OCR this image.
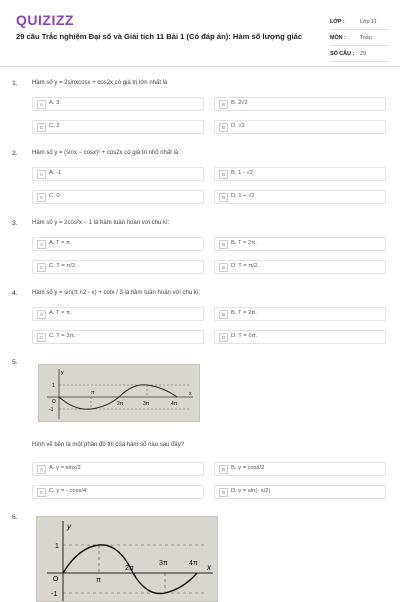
QUIZIZZ
29 câu Trắc nghiệm Đại số và Giải tích 11 Bài 1 (Có đáp án): Hàm số lượng giác
LỚP :	Lớp 11
MÔN :	Toán
SỐ CÂU :	29
1. Hàm số y = 2sinxcosx + cos2x có giá trị lớn nhất là
A	A. 3	B	B. 2√2
C	C. 2	D	D. √2
2. Hàm số y = (sinx − cosx)² + cos2x có giá trị nhỏ nhất là:
A	A. -1	B	B. 1 - √2
C	C. 0	D	D. 1 + √2
3. Hàm số y = 2cos²x − 1 là hàm tuần hoàn với chu kì:
A	A. T = π.	B	B. T = 2π.
C	C. T = π/2.	D	D. T = π/2.
4. Hàm số y = sin(π / 2 - x) + cotx / 3 là hàm tuần hoàn với chu kì:
A	A. T = π.	B	B. T = 2π.
C	C. T = 3π.	D	D. T = 6π.
5.
y
x
1
-1
O
π
2π	3π	4π
Hình vẽ bên là một phần đồ thị của hàm số nào sau đây?
A	A. y = sinx/2	B	B. y = cosx/2
C	C. y = - cosx/4	D	D. y = sin(- x/2)
6.
y
x
1
-1
O	π
2π
3π	4π
